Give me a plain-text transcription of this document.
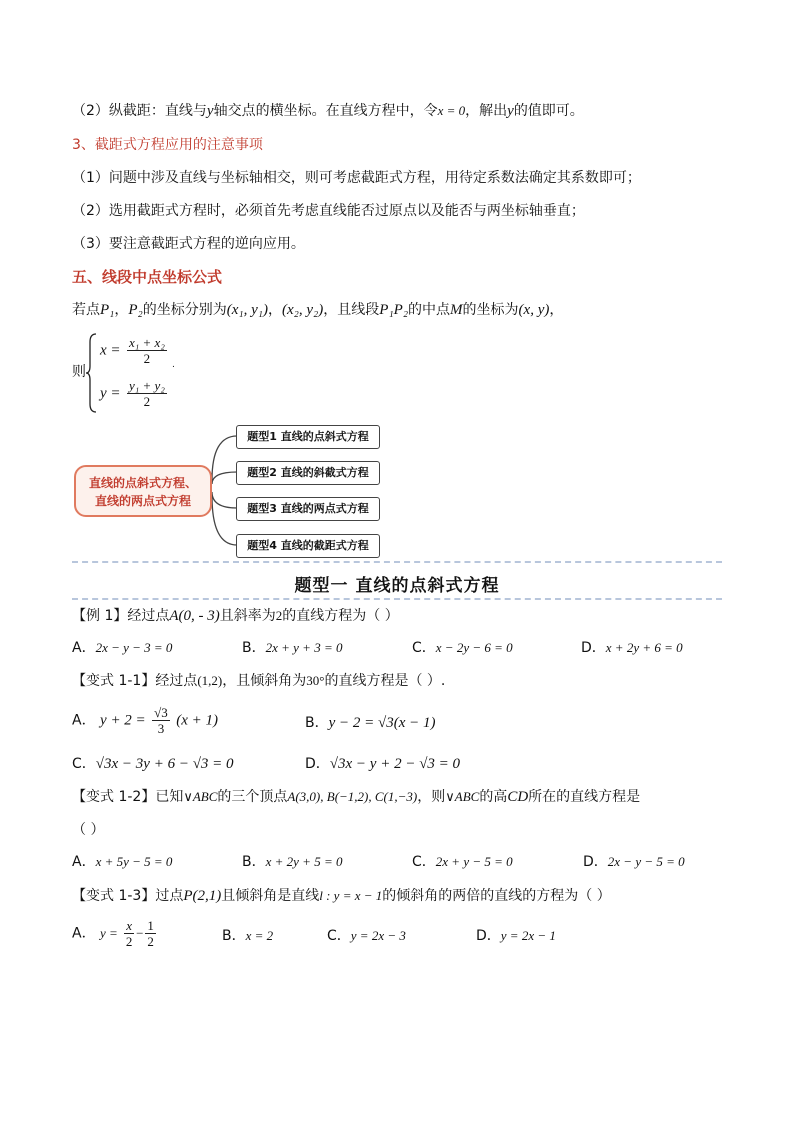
（2）纵截距：直线与y轴交点的横坐标。在直线方程中，令x = 0，解出y的值即可。
3、截距式方程应用的注意事项
（1）问题中涉及直线与坐标轴相交，则可考虑截距式方程，用待定系数法确定其系数即可；
（2）选用截距式方程时，必须首先考虑直线能否过原点以及能否与两坐标轴垂直；
（3）要注意截距式方程的逆向应用。
五、线段中点坐标公式
若点P₁，P₂的坐标分别为(x₁, y₁)，(x₂, y₂)，且线段P₁P₂的中点M的坐标为(x, y)，
则
$x = \frac{\text{x₁ + x₂}}{2}$
$y = \frac{\text{y₁ + y₂}}{2}$
.
直线的点斜式方程、
直线的两点式方程
题型1 直线的点斜式方程
题型2 直线的斜截式方程
题型3 直线的两点式方程
题型4 直线的截距式方程
题型一 直线的点斜式方程
【例 1】经过点A(0, - 3)且斜率为2的直线方程为（ ）
A．2x − y − 3 = 0	B．2x + y + 3 = 0	C．x − 2y − 6 = 0	D．x + 2y + 6 = 0
【变式 1-1】经过点(1,2)，且倾斜角为30°的直线方程是（ ）.
A． $y + 2 = \frac{√3}{3} (x + 1)$	B．y − 2 = √3(x − 1)
C．√3x − 3y + 6 − √3 = 0	D．√3x − y + 2 − √3 = 0
【变式 1-2】已知∨ABC的三个顶点A(3,0), B(−1,2), C(1,−3)，则∨ABC的高CD所在的直线方程是
（ ）
A．x + 5y − 5 = 0	B．x + 2y + 5 = 0	C．2x + y − 5 = 0	D．2x − y − 5 = 0
【变式 1-3】过点P(2,1)且倾斜角是直线l : y = x − 1的倾斜角的两倍的直线的方程为（ ）
A． $y = \frac{x}{2} - \frac{1}{2}$	B．x = 2	C．y = 2x − 3	D．y = 2x − 1
